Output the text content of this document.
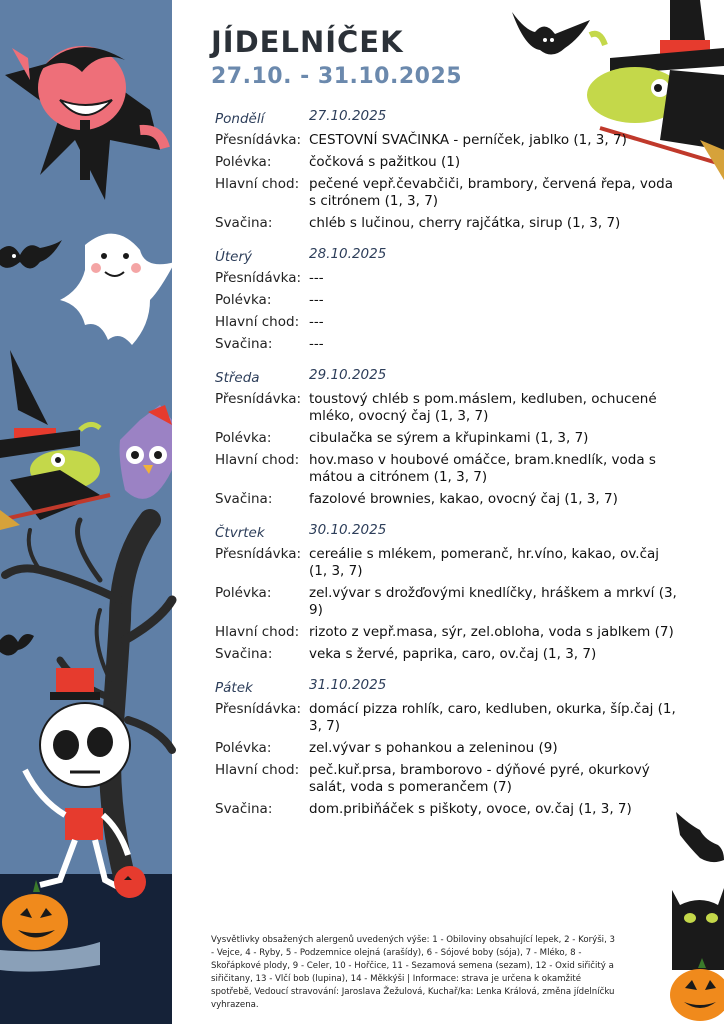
JÍDELNÍČEK
27.10. - 31.10.2025
Pondělí	27.10.2025
Přesnídávka: CESTOVNÍ SVAČINKA - perníček, jablko (1, 3, 7)
Polévka:	čočková s pažitkou (1)
Hlavní chod: pečené vepř.čevabčiči, brambory, červená řepa, voda s citrónem (1, 3, 7)
Svačina:	chléb s lučinou, cherry rajčátka, sirup (1, 3, 7)
Úterý	28.10.2025
Přesnídávka: ---
Polévka:	---
Hlavní chod: ---
Svačina:	---
Středa	29.10.2025
Přesnídávka: toustový chléb s pom.máslem, kedluben, ochucené mléko, ovocný čaj (1, 3, 7)
Polévka:	cibulačka se sýrem a křupinkami (1, 3, 7)
Hlavní chod: hov.maso v houbové omáčce, bram.knedlík, voda s mátou a citrónem (1, 3, 7)
Svačina:	fazolové brownies, kakao, ovocný čaj (1, 3, 7)
Čtvrtek	30.10.2025
Přesnídávka: cereálie s mlékem, pomeranč, hr.víno, kakao, ov.čaj (1, 3, 7)
Polévka:	zel.vývar s drožďovými knedlíčky, hráškem a mrkví (3, 9)
Hlavní chod: rizoto z vepř.masa, sýr, zel.obloha, voda s jablkem (7)
Svačina:	veka s žervé, paprika, caro, ov.čaj (1, 3, 7)
Pátek	31.10.2025
Přesnídávka: domácí pizza rohlík, caro, kedluben, okurka, šíp.čaj (1, 3, 7)
Polévka:	zel.vývar s pohankou a zeleninou (9)
Hlavní chod: peč.kuř.prsa, bramborovo - dýňové pyré, okurkový salát, voda s pomerančem (7)
Svačina:	dom.pribiňáček s piškoty, ovoce, ov.čaj (1, 3, 7)
Vysvětlivky obsažených alergenů uvedených výše: 1 - Obiloviny obsahující lepek, 2 - Korýši, 3 - Vejce, 4 - Ryby, 5 - Podzemnice olejná (arašídy), 6 - Sójové boby (sója), 7 - Mléko, 8 - Skořápkové plody, 9 - Celer, 10 - Hořčice, 11 - Sezamová semena (sezam), 12 - Oxid siřičitý a siřičitany, 13 - Vlčí bob (lupina), 14 - Měkkýši | Informace: strava je určena k okamžité spotřebě, Vedoucí stravování: Jaroslava Žežulová, Kuchař/ka: Lenka Králová, změna jídelníčku vyhrazena.
